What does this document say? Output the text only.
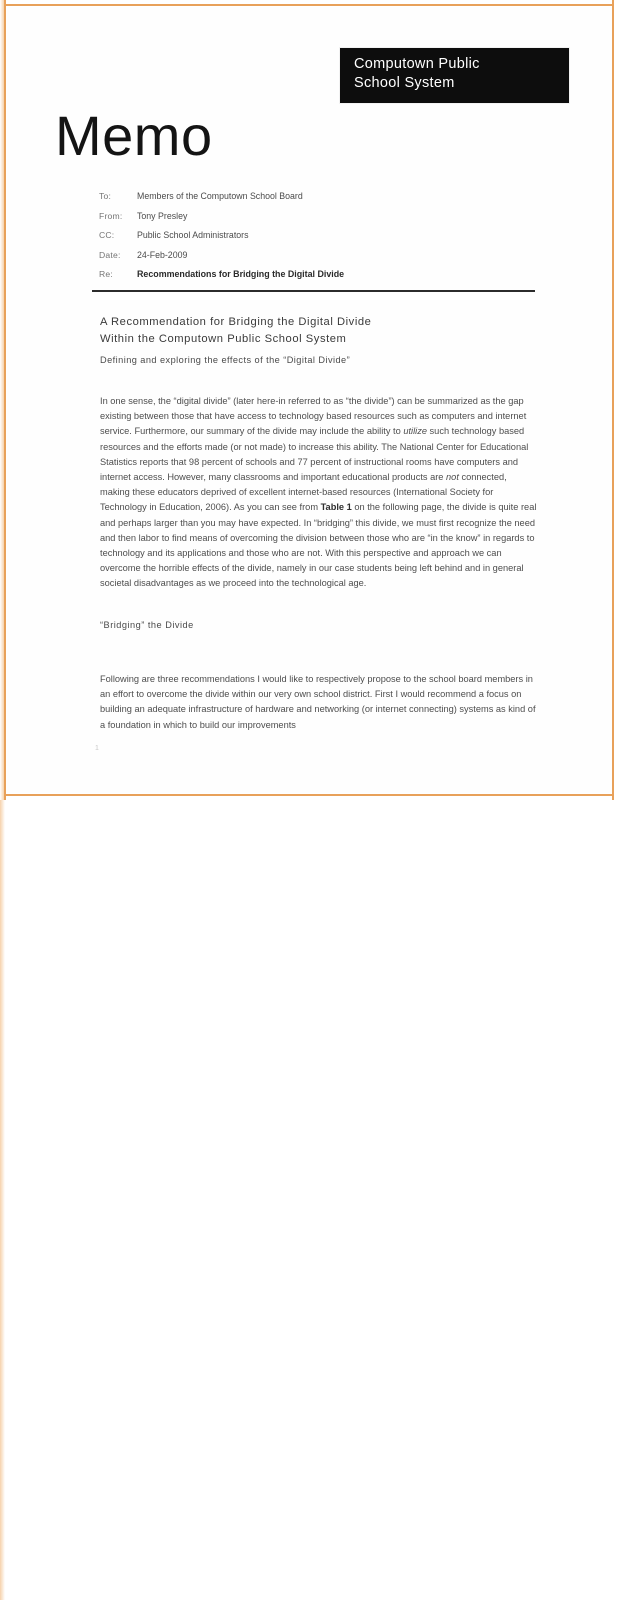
Computown Public
School System
Memo
To:	Members of the Computown School Board
From:	Tony Presley
CC:	Public School Administrators
Date:	24-Feb-2009
Re:	Recommendations for Bridging the Digital Divide
A Recommendation for Bridging the Digital Divide
Within the Computown Public School System
Defining and exploring the effects of the “Digital Divide”
In one sense, the “digital divide” (later here-in referred to as “the divide”) can be summarized as the gap existing between those that have access to technology based resources such as computers and internet service. Furthermore, our summary of the divide may include the ability to utilize such technology based resources and the efforts made (or not made) to increase this ability. The National Center for Educational Statistics reports that 98 percent of schools and 77 percent of instructional rooms have computers and internet access. However, many classrooms and important educational products are not connected, making these educators deprived of excellent internet-based resources (International Society for Technology in Education, 2006). As you can see from Table 1 on the following page, the divide is quite real and perhaps larger than you may have expected. In “bridging” this divide, we must first recognize the need and then labor to find means of overcoming the division between those who are “in the know” in regards to technology and its applications and those who are not. With this perspective and approach we can overcome the horrible effects of the divide, namely in our case students being left behind and in general societal disadvantages as we proceed into the technological age.
“Bridging” the Divide
Following are three recommendations I would like to respectively propose to the school board members in an effort to overcome the divide within our very own school district. First I would recommend a focus on building an adequate infrastructure of hardware and networking (or internet connecting) systems as kind of a foundation in which to build our improvements
1
